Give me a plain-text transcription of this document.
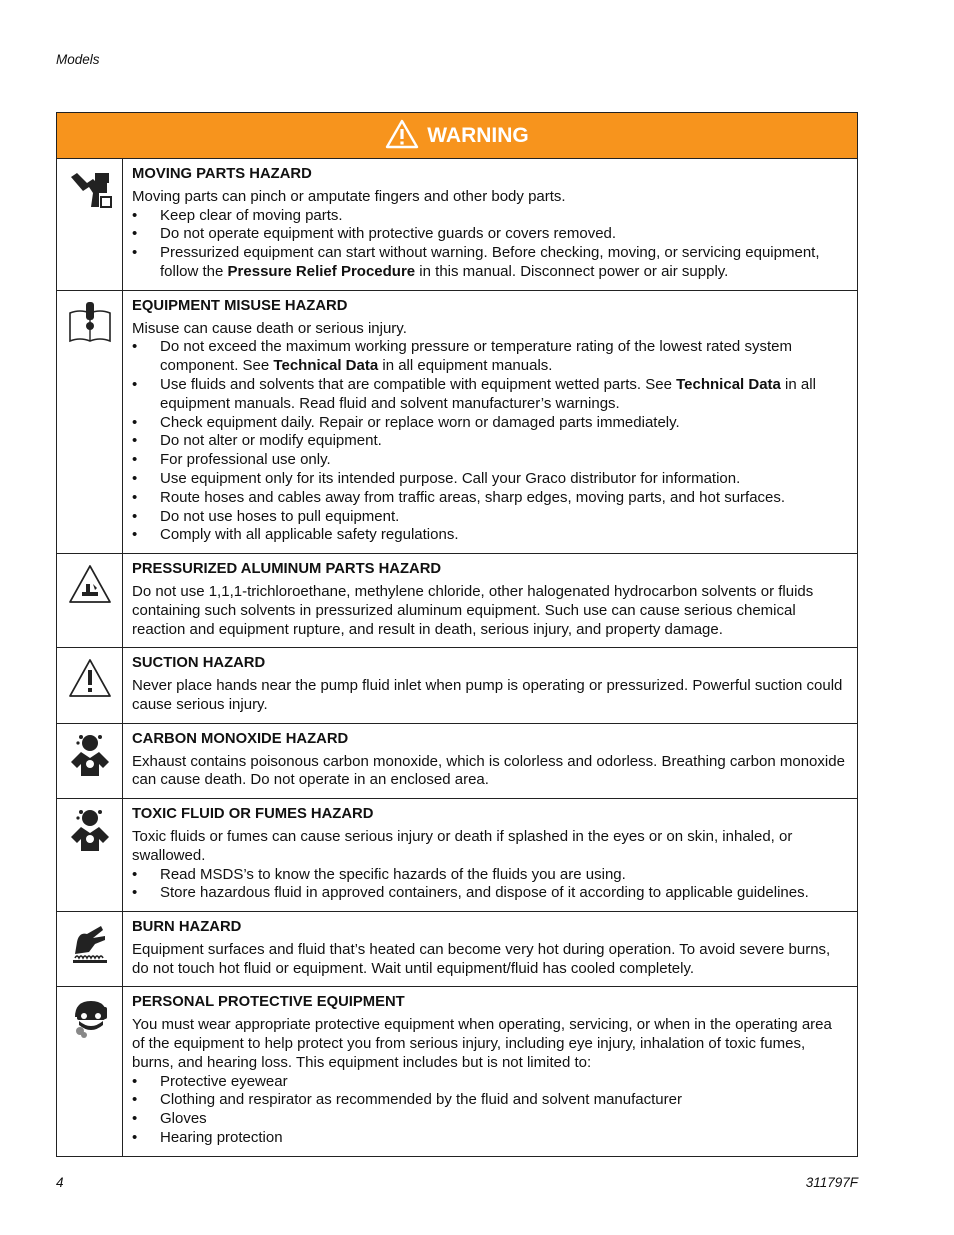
Models
WARNING
MOVING PARTS HAZARD
Moving parts can pinch or amputate fingers and other body parts.
• Keep clear of moving parts.
• Do not operate equipment with protective guards or covers removed.
• Pressurized equipment can start without warning. Before checking, moving, or servicing equipment, follow the Pressure Relief Procedure in this manual. Disconnect power or air supply.
EQUIPMENT MISUSE HAZARD
Misuse can cause death or serious injury.
• Do not exceed the maximum working pressure or temperature rating of the lowest rated system component. See Technical Data in all equipment manuals.
• Use fluids and solvents that are compatible with equipment wetted parts. See Technical Data in all equipment manuals. Read fluid and solvent manufacturer’s warnings.
• Check equipment daily. Repair or replace worn or damaged parts immediately.
• Do not alter or modify equipment.
• For professional use only.
• Use equipment only for its intended purpose. Call your Graco distributor for information.
• Route hoses and cables away from traffic areas, sharp edges, moving parts, and hot surfaces.
• Do not use hoses to pull equipment.
• Comply with all applicable safety regulations.
PRESSURIZED ALUMINUM PARTS HAZARD
Do not use 1,1,1-trichloroethane, methylene chloride, other halogenated hydrocarbon solvents or fluids containing such solvents in pressurized aluminum equipment. Such use can cause serious chemical reaction and equipment rupture, and result in death, serious injury, and property damage.
SUCTION HAZARD
Never place hands near the pump fluid inlet when pump is operating or pressurized. Powerful suction could cause serious injury.
CARBON MONOXIDE HAZARD
Exhaust contains poisonous carbon monoxide, which is colorless and odorless. Breathing carbon monoxide can cause death. Do not operate in an enclosed area.
TOXIC FLUID OR FUMES HAZARD
Toxic fluids or fumes can cause serious injury or death if splashed in the eyes or on skin, inhaled, or swallowed.
• Read MSDS’s to know the specific hazards of the fluids you are using.
• Store hazardous fluid in approved containers, and dispose of it according to applicable guidelines.
BURN HAZARD
Equipment surfaces and fluid that’s heated can become very hot during operation. To avoid severe burns, do not touch hot fluid or equipment. Wait until equipment/fluid has cooled completely.
PERSONAL PROTECTIVE EQUIPMENT
You must wear appropriate protective equipment when operating, servicing, or when in the operating area of the equipment to help protect you from serious injury, including eye injury, inhalation of toxic fumes, burns, and hearing loss. This equipment includes but is not limited to:
• Protective eyewear
• Clothing and respirator as recommended by the fluid and solvent manufacturer
• Gloves
• Hearing protection
4	311797F
